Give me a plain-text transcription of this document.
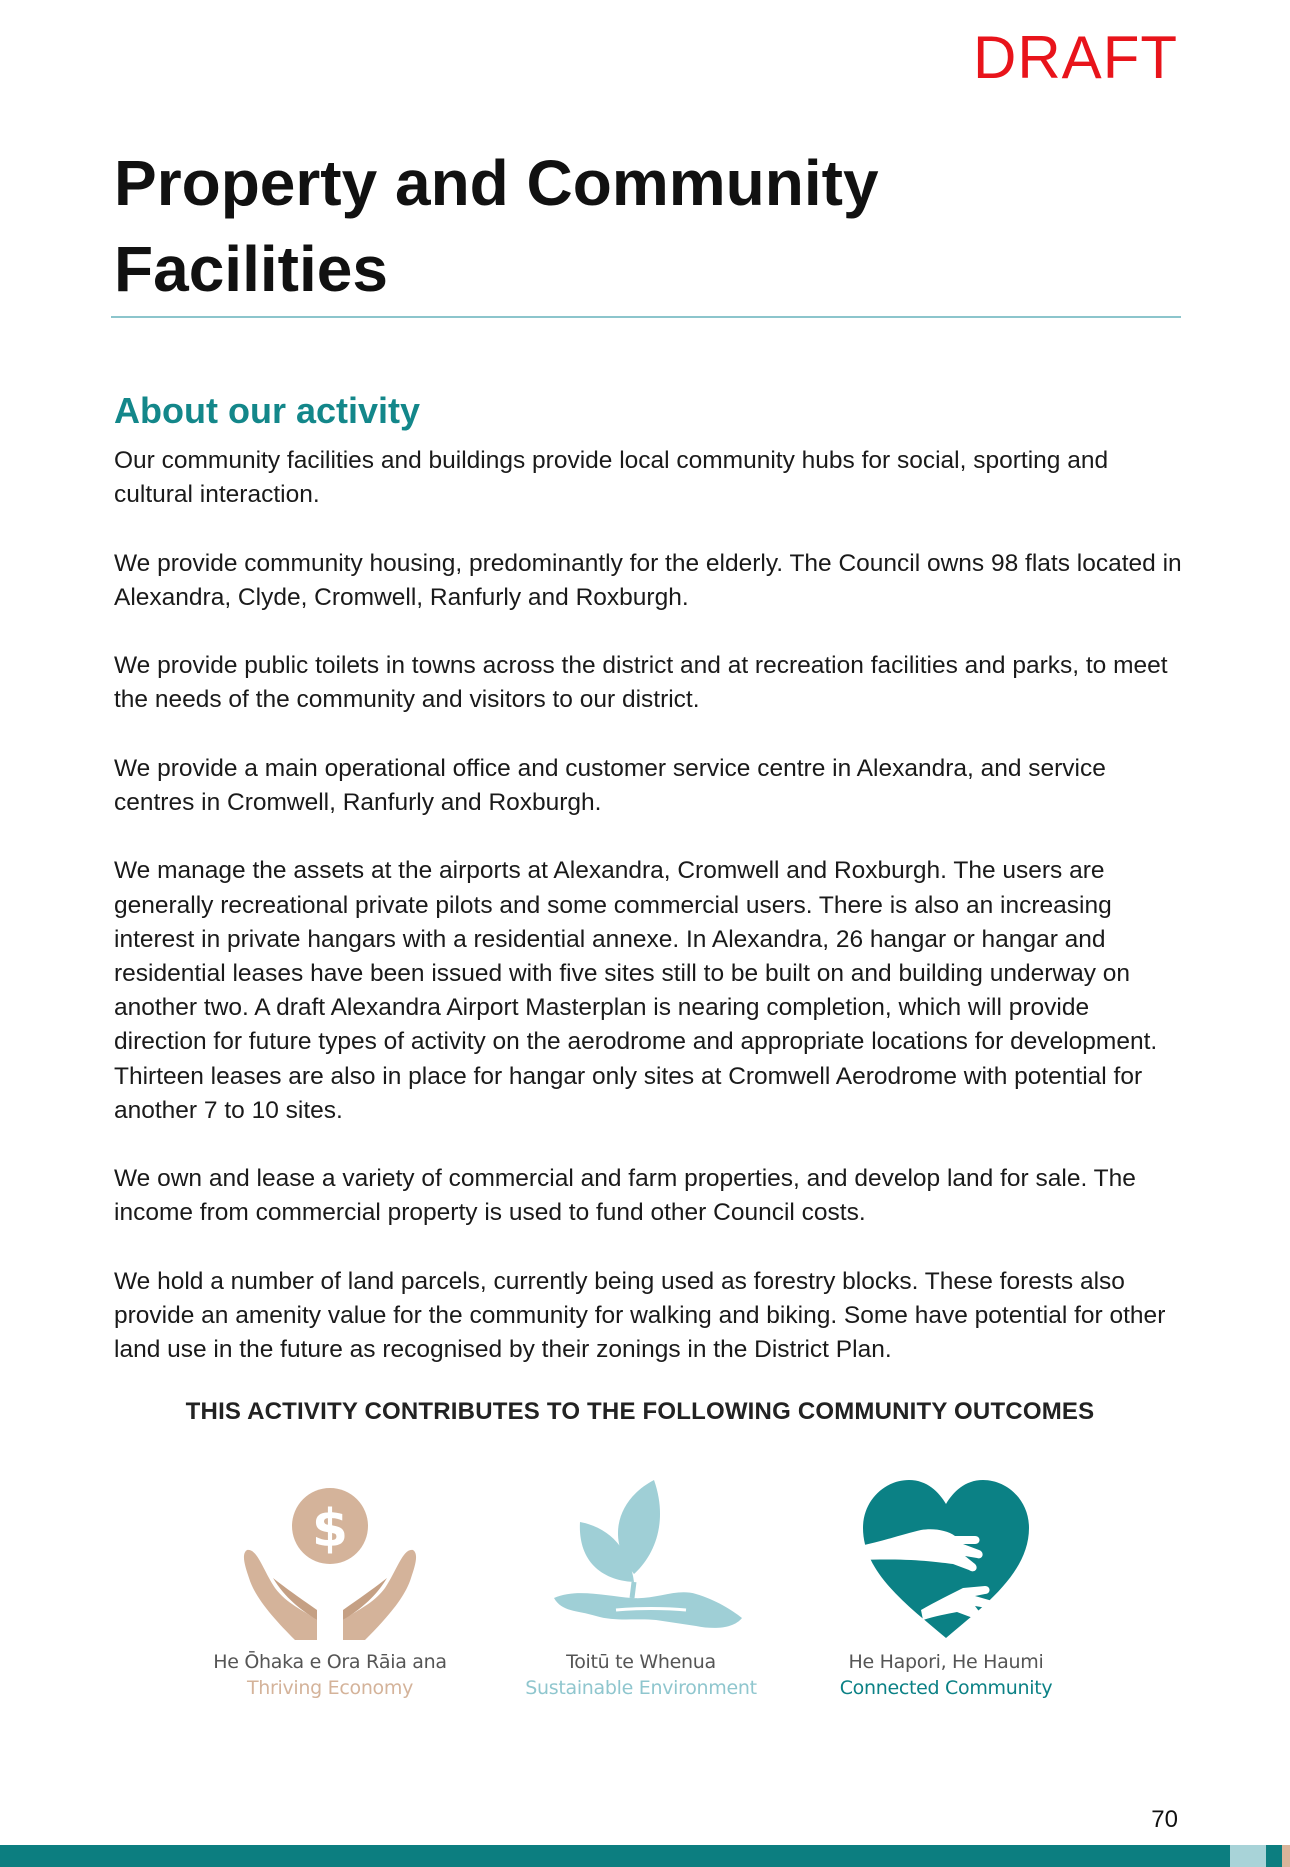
DRAFT
Property and Community Facilities
About our activity

Our community facilities and buildings provide local community hubs for social, sporting and cultural interaction.

We provide community housing, predominantly for the elderly. The Council owns 98 flats located in Alexandra, Clyde, Cromwell, Ranfurly and Roxburgh.

We provide public toilets in towns across the district and at recreation facilities and parks, to meet the needs of the community and visitors to our district.

We provide a main operational office and customer service centre in Alexandra, and service centres in Cromwell, Ranfurly and Roxburgh.

We manage the assets at the airports at Alexandra, Cromwell and Roxburgh. The users are generally recreational private pilots and some commercial users. There is also an increasing interest in private hangars with a residential annexe. In Alexandra, 26 hangar or hangar and residential leases have been issued with five sites still to be built on and building underway on another two. A draft Alexandra Airport Masterplan is nearing completion, which will provide direction for future types of activity on the aerodrome and appropriate locations for development. Thirteen leases are also in place for hangar only sites at Cromwell Aerodrome with potential for another 7 to 10 sites.

We own and lease a variety of commercial and farm properties, and develop land for sale. The income from commercial property is used to fund other Council costs.

We hold a number of land parcels, currently being used as forestry blocks. These forests also provide an amenity value for the community for walking and biking. Some have potential for other land use in the future as recognised by their zonings in the District Plan.

THIS ACTIVITY CONTRIBUTES TO THE FOLLOWING COMMUNITY OUTCOMES
$
He Ōhaka e Ora Rāia ana
Thriving Economy
Toitū te Whenua
Sustainable Environment
He Hapori, He Haumi
Connected Community
70
